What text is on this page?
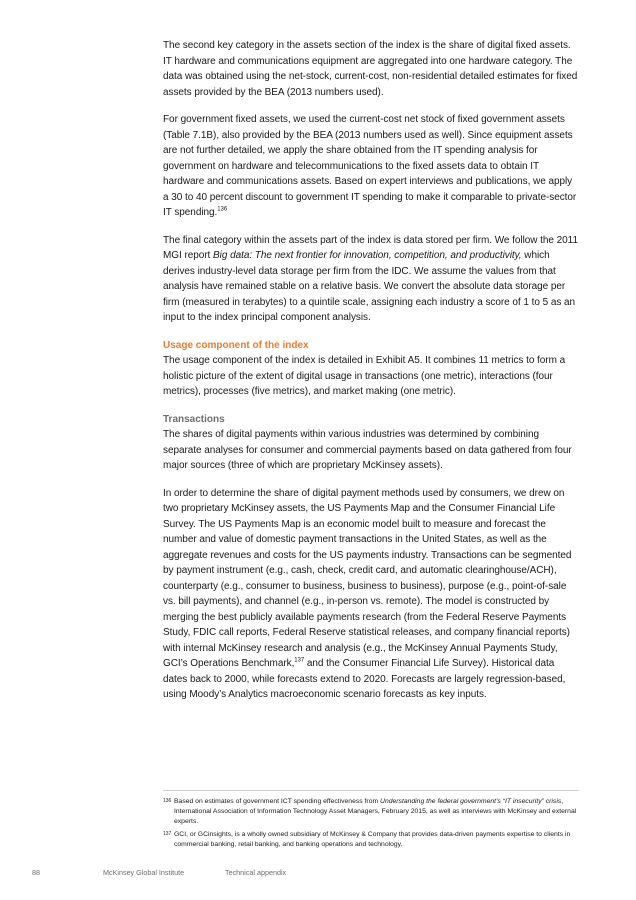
The second key category in the assets section of the index is the share of digital fixed assets. IT hardware and communications equipment are aggregated into one hardware category. The data was obtained using the net-stock, current-cost, non-residential detailed estimates for fixed assets provided by the BEA (2013 numbers used).

For government fixed assets, we used the current-cost net stock of fixed government assets (Table 7.1B), also provided by the BEA (2013 numbers used as well). Since equipment assets are not further detailed, we apply the share obtained from the IT spending analysis for government on hardware and telecommunications to the fixed assets data to obtain IT hardware and communications assets. Based on expert interviews and publications, we apply a 30 to 40 percent discount to government IT spending to make it comparable to private-sector IT spending.$^{136}$

The final category within the assets part of the index is data stored per firm. We follow the 2011 MGI report Big data: The next frontier for innovation, competition, and productivity, which derives industry-level data storage per firm from the IDC. We assume the values from that analysis have remained stable on a relative basis. We convert the absolute data storage per firm (measured in terabytes) to a quintile scale, assigning each industry a score of 1 to 5 as an input to the index principal component analysis.

Usage component of the index

The usage component of the index is detailed in Exhibit A5. It combines 11 metrics to form a holistic picture of the extent of digital usage in transactions (one metric), interactions (four metrics), processes (five metrics), and market making (one metric).

Transactions

The shares of digital payments within various industries was determined by combining separate analyses for consumer and commercial payments based on data gathered from four major sources (three of which are proprietary McKinsey assets).

In order to determine the share of digital payment methods used by consumers, we drew on two proprietary McKinsey assets, the US Payments Map and the Consumer Financial Life Survey. The US Payments Map is an economic model built to measure and forecast the number and value of domestic payment transactions in the United States, as well as the aggregate revenues and costs for the US payments industry. Transactions can be segmented by payment instrument (e.g., cash, check, credit card, and automatic clearinghouse/ACH), counterparty (e.g., consumer to business, business to business), purpose (e.g., point-of-sale vs. bill payments), and channel (e.g., in-person vs. remote). The model is constructed by merging the best publicly available payments research (from the Federal Reserve Payments Study, FDIC call reports, Federal Reserve statistical releases, and company financial reports) with internal McKinsey research and analysis (e.g., the McKinsey Annual Payments Study, GCI’s Operations Benchmark,$^{137}$ and the Consumer Financial Life Survey). Historical data dates back to 2000, while forecasts extend to 2020. Forecasts are largely regression-based, using Moody’s Analytics macroeconomic scenario forecasts as key inputs.

136 Based on estimates of government ICT spending effectiveness from Understanding the federal government’s “IT insecurity” crisis, International Association of Information Technology Asset Managers, February 2015, as well as interviews with McKinsey and external experts.

137 GCI, or GCinsights, is a wholly owned subsidiary of McKinsey & Company that provides data-driven payments expertise to clients in commercial banking, retail banking, and banking operations and technology.

88	McKinsey Global Institute	Technical appendix
